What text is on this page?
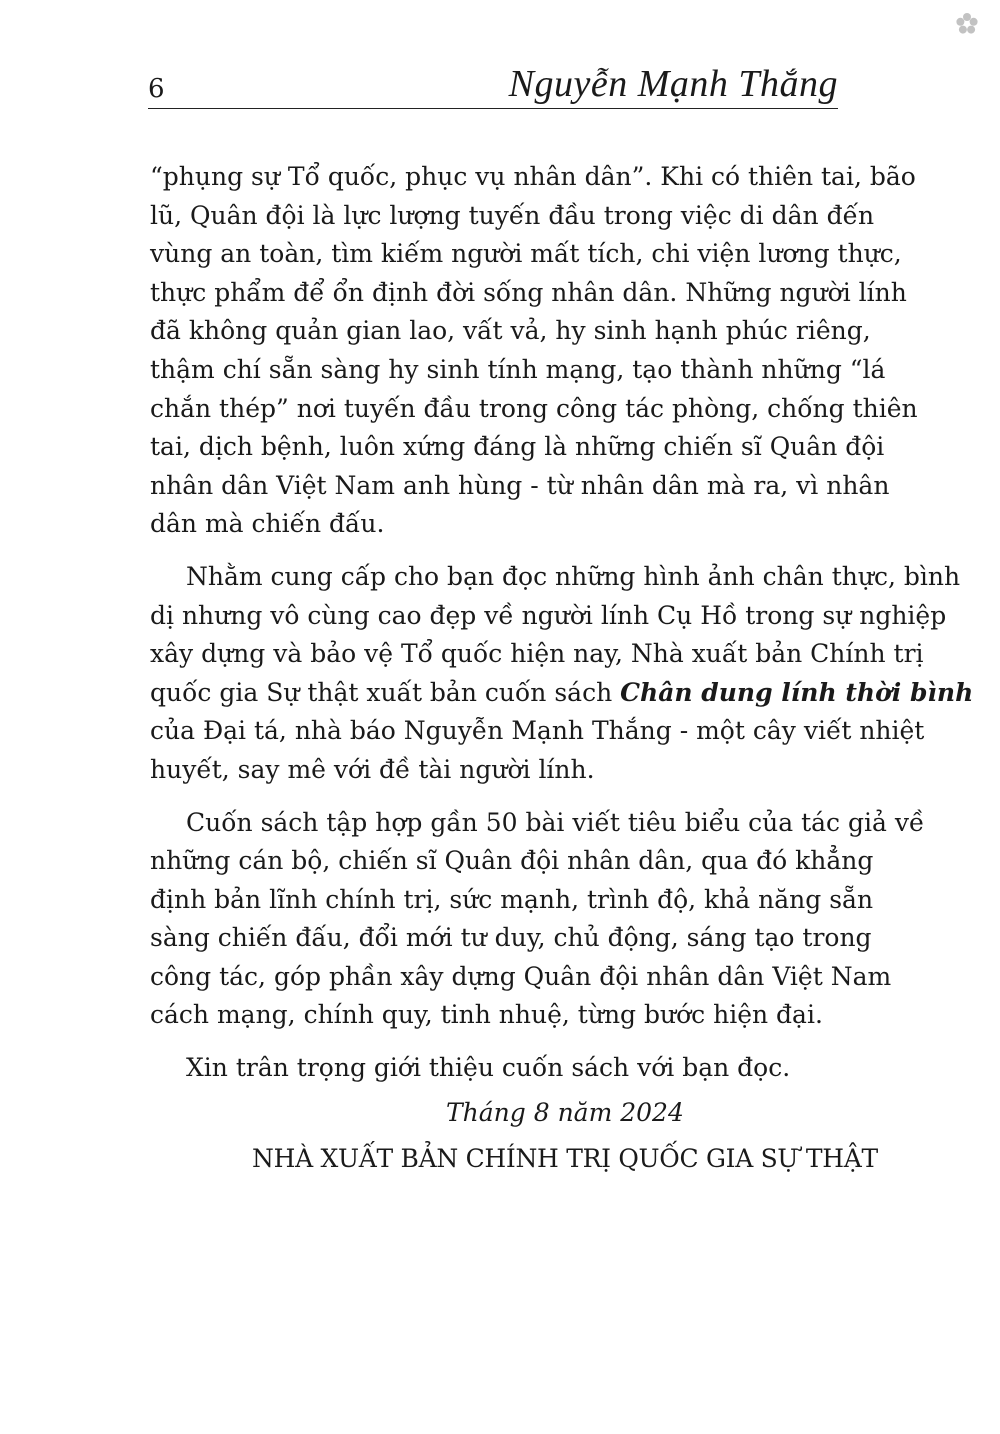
6	Nguyễn Mạnh Thắng
“phụng sự Tổ quốc, phục vụ nhân dân”. Khi có thiên tai, bão
lũ, Quân đội là lực lượng tuyến đầu trong việc di dân đến
vùng an toàn, tìm kiếm người mất tích, chi viện lương thực,
thực phẩm để ổn định đời sống nhân dân. Những người lính
đã không quản gian lao, vất vả, hy sinh hạnh phúc riêng,
thậm chí sẵn sàng hy sinh tính mạng, tạo thành những “lá
chắn thép” nơi tuyến đầu trong công tác phòng, chống thiên
tai, dịch bệnh, luôn xứng đáng là những chiến sĩ Quân đội
nhân dân Việt Nam anh hùng - từ nhân dân mà ra, vì nhân
dân mà chiến đấu.
Nhằm cung cấp cho bạn đọc những hình ảnh chân thực, bình
dị nhưng vô cùng cao đẹp về người lính Cụ Hồ trong sự nghiệp
xây dựng và bảo vệ Tổ quốc hiện nay, Nhà xuất bản Chính trị
quốc gia Sự thật xuất bản cuốn sách Chân dung lính thời bình
của Đại tá, nhà báo Nguyễn Mạnh Thắng - một cây viết nhiệt
huyết, say mê với đề tài người lính.
Cuốn sách tập hợp gần 50 bài viết tiêu biểu của tác giả về
những cán bộ, chiến sĩ Quân đội nhân dân, qua đó khẳng
định bản lĩnh chính trị, sức mạnh, trình độ, khả năng sẵn
sàng chiến đấu, đổi mới tư duy, chủ động, sáng tạo trong
công tác, góp phần xây dựng Quân đội nhân dân Việt Nam
cách mạng, chính quy, tinh nhuệ, từng bước hiện đại.
Xin trân trọng giới thiệu cuốn sách với bạn đọc.
Tháng 8 năm 2024
NHÀ XUẤT BẢN CHÍNH TRỊ QUỐC GIA SỰ THẬT
